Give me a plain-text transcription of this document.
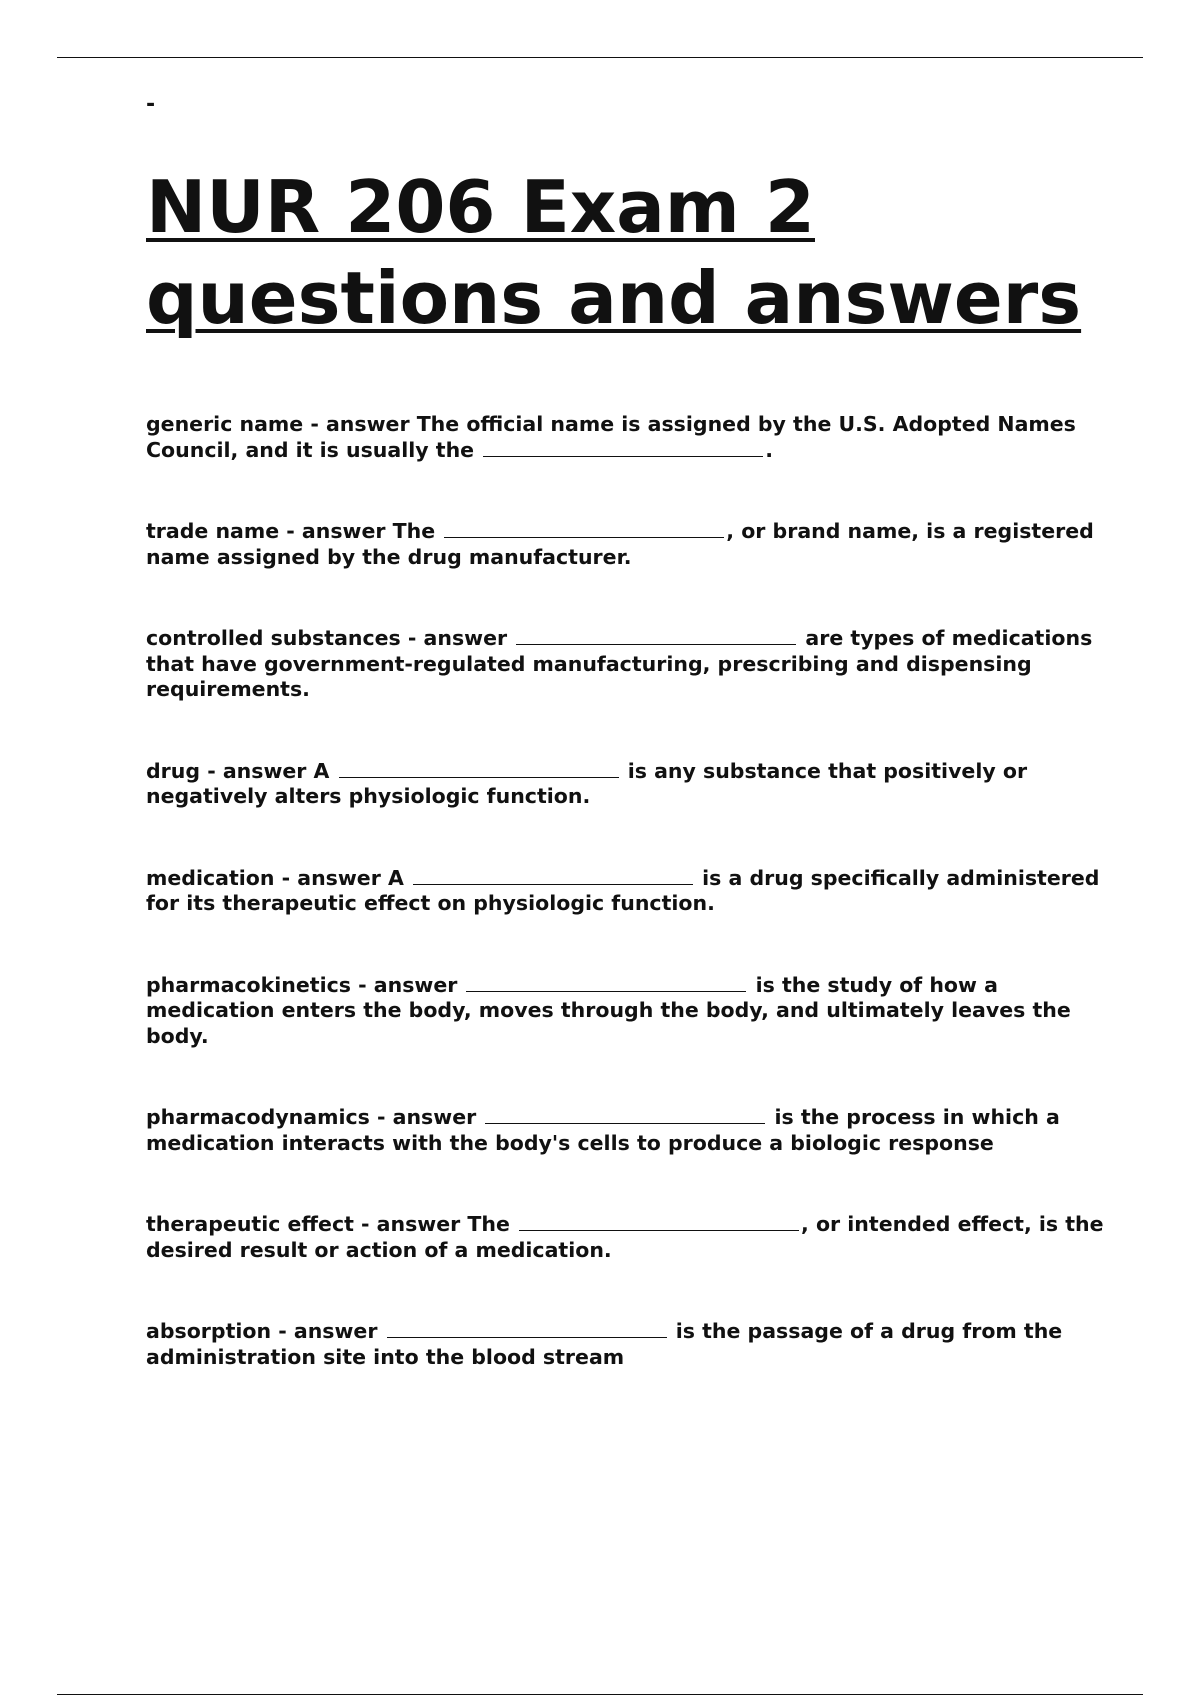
-
NUR 206 Exam 2
questions and answers

generic name - answer The official name is assigned by the U.S. Adopted Names Council, and it is usually the	.

trade name - answer The	, or brand name, is a registered name assigned by the drug manufacturer.

controlled substances - answer	are types of medications that have government-regulated manufacturing, prescribing and dispensing requirements.

drug - answer A	is any substance that positively or negatively alters physiologic function.

medication - answer A	is a drug specifically administered for its therapeutic effect on physiologic function.

pharmacokinetics - answer	is the study of how a medication enters the body, moves through the body, and ultimately leaves the body.

pharmacodynamics - answer	is the process in which a medication interacts with the body's cells to produce a biologic response

therapeutic effect - answer The	, or intended effect, is the desired result or action of a medication.

absorption - answer	is the passage of a drug from the administration site into the blood stream
